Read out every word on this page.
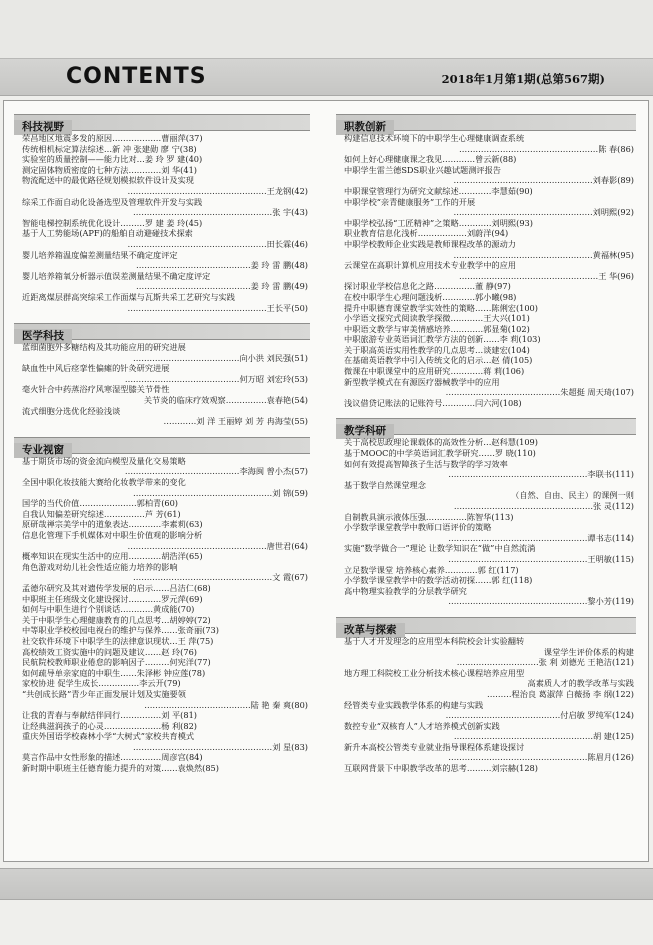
CONTENTS	2018年1月第1期(总第567期)
科技视野
荣昌地区地震多发的原因………………曹丽萍(37)
传统相机标定算法综述…新 冲 张建勋 廖 宁(38)
实验室的质量控制——能力比对…姜 玲 罗 建(40)
测定固体物质密度的七种方法…………刘 华(41)
物流配送中的最优路径规划模拟软件设计及实现
……………………………………………王龙钢(42)
综采工作面自动化设备选型及管理软件开发与实践
……………………………………………张 宇(43)
智能电梯控制系统优化设计………罗 建 姜 玲(45)
基于人工势能场(APF)的船舶自动避碰技术探索
……………………………………………田长霖(46)
婴儿培养箱温度偏差测量结果不确定度评定
……………………………………姜 玲 雷 鹏(48)
婴儿培养箱氧分析器示值误差测量结果不确定度评定
……………………………………姜 玲 雷 鹏(49)
近距离煤层群高突综采工作面煤与瓦斯共采工艺研究与实践
……………………………………………王长平(50)
医学科技
蓝细菌胞外多糖结构及其功能应用的研究进展
…………………………………向小洪 刘民强(51)
缺血性中风后痉挛性偏瘫的针灸研究进展
……………………………………何万昭 刘宏玲(53)
毫火针合中药蒸浴疗风寒湿型膝关节骨性
关节炎的临床疗效观察……………袁春艳(54)
流式细胞分选优化经验浅谈
…………刘 洋 王丽婷 刘 芳 冉海莹(55)
专业视窗
基于期货市场的资金流向模型及量化交易策略
……………………………………李海闽 曾小杰(57)
全国中职化妆技能大赛给化妆教学带来的变化
……………………………………………刘 锦(59)
国学的当代价值…………………郭柏青(60)
自我认知偏差研究综述……………芦 芳(61)
原研哉禅宗美学中的道象表达…………李素莉(63)
信息化管理下手机媒体对中职生价值观的影响分析
……………………………………………唐世君(64)
概率知识在现实生活中的应用…………胡浩洋(65)
角色游戏对幼儿社会性适应能力培养的影响
……………………………………………文 霞(67)
孟德尔研究及其对遗传学发展的启示……吕洁仁(68)
中职班主任班级文化建设探讨…………罗元萍(69)
如何与中职生进行个别谈话…………黄成能(70)
关于中职学生心理健康教育的几点思考…胡婷婷(72)
中等职业学校校园电视台的维护与保养……张奇丽(73)
社交软件环境下中职学生的法律意识现状…王 萍(75)
高校绩效工资实施中的问题及建议……赵 玲(76)
民航院校教师职业倦怠的影响因子………何宪洋(77)
如何疏导单亲家庭的中职生……朱泽彬 钟应莲(78)
家校协进 促学生成长……………李云开(79)
“共创成长路”青少年正面发展计划及实施要领
…………………………………陆 艳 秦 爽(80)
让我的青春与奉献结伴同行……………刘 平(81)
让经典滋润孩子的心灵…………………杨 利(82)
重庆外国语学校森林小学“大树式”家校共育模式
……………………………………………刘 星(83)
莫言作品中女性形象的描述……………周彦宫(84)
新时期中职班主任德育能力提升的对策……袁焕然(85)
职教创新
构建信息技术环境下的中职学生心理健康调查系统
……………………………………………陈 春(86)
如何上好心理健康课之我见…………曾云新(88)
中职学生雷兰德SDS职业兴趣试题测评报告
……………………………………………刘春影(89)
中职课堂管理行为研究文献综述…………李慧茹(90)
中职学校“亲青健康服务”工作的开展
……………………………………………刘明熙(92)
中职学校弘扬“工匠精神”之策略…………刘明熙(93)
职业教育信息化浅析………………刘蔚洋(94)
中职学校教师企业实践是教师课程改革的源动力
……………………………………………黄福林(95)
云课堂在高职计算机应用技术专业教学中的应用
……………………………………………王 华(96)
探讨职业学校信息化之路……………董 静(97)
在校中职学生心理问题浅析…………郭小曦(98)
提升中职德育课堂教学实效性的策略……陈俐宏(100)
小学语文探究式阅读教学探微…………王大兴(101)
中职语文教学与审美情感培养…………郭显菊(102)
中职旅游专业英语词汇教学方法的创新……李 莉(103)
关于职高英语实用性教学的几点思考…谈建宏(104)
在基础英语教学中引入传统文化的启示…赵 倩(105)
微课在中职课堂中的应用研究…………蒋 莉(106)
新型教学模式在有源医疗器械教学中的应用
……………………………………朱超挺 周天琦(107)
浅议借贷记账法的记账符号…………闫六河(108)
教学科研
关于高校思政理论课载体的高效性分析…赵科慧(109)
基于MOOC的中学英语词汇教学研究……罗 晓(110)
如何有效提高智障孩子生活与数学的学习效率
……………………………………………李联书(111)
基于数学自然课堂理念
（自然、自由、民主）的课例一则
……………………………………………张 灵(112)
自制教具演示液体压强……………陈智华(113)
小学数学课堂教学中教师口语评价的策略
……………………………………………谭书志(114)
实施“数学做合一”理论 让数学知识在“做”中自然流淌
……………………………………………王明敏(115)
立足数学课堂 培养核心素养…………郭 红(117)
小学数学课堂教学中的数学活动初探……郭 红(118)
高中物理实验教学的分层教学研究
……………………………………………黎小芳(119)
改革与探索
基于人才开发理念的应用型本科院校会计实验翻转
课堂学生评价体系的构建
…………………………张 利 刘德光 王艳洁(121)
地方理工科院校工业分析技术核心课程培养应用型
高素质人才的教学改革与实践
………程治良 葛淑萍 白薇扬 李 纲(122)
经管类专业实践教学体系的构建与实践
……………………………………付启敏 罗纯军(124)
数控专业“双核育人”人才培养模式创新实践
……………………………………………胡 建(125)
新升本高校公管类专业就业指导课程体系建设探讨
……………………………………………陈眉月(126)
互联网背景下中职教学改革的思考………刘宗赫(128)
